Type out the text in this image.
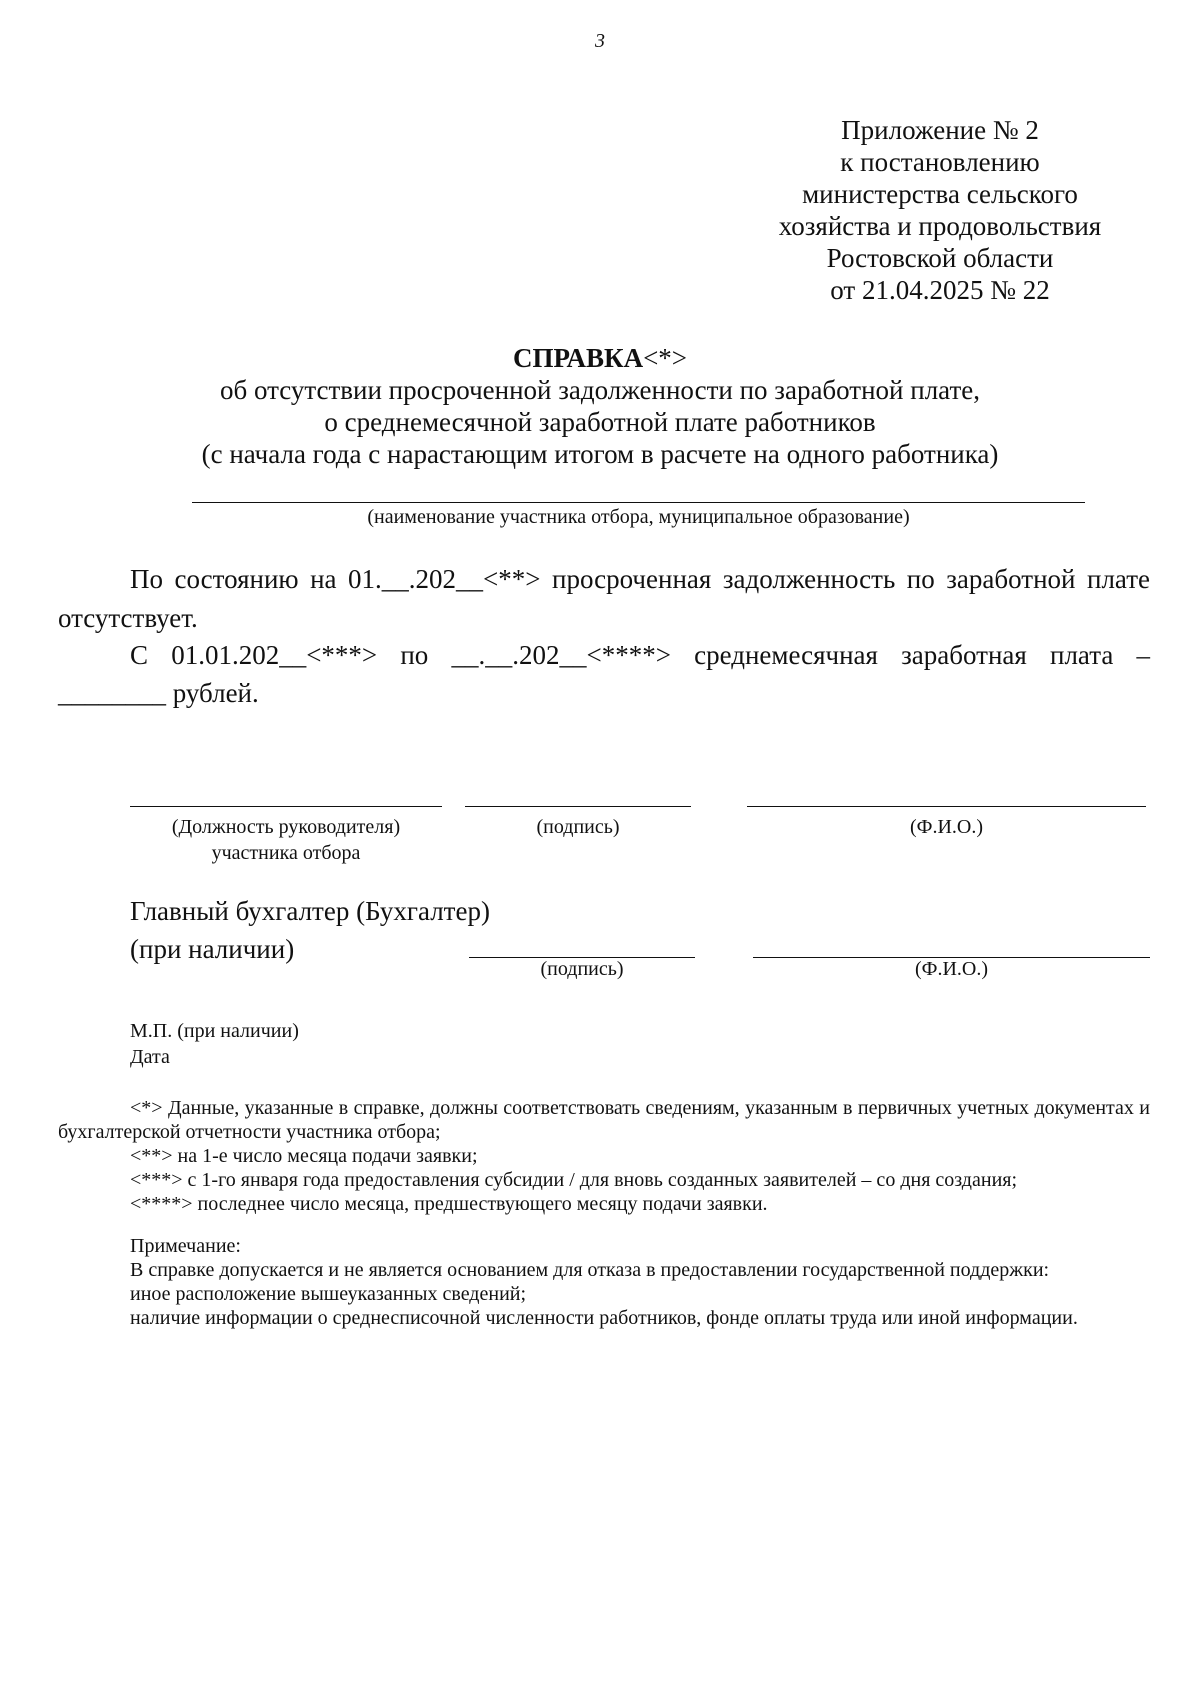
3
Приложение № 2
к постановлению
министерства сельского
хозяйства и продовольствия
Ростовской области
от 21.04.2025 № 22
СПРАВКА<*>
об отсутствии просроченной задолженности по заработной плате,
о среднемесячной заработной плате работников
(с начала года с нарастающим итогом в расчете на одного работника)
(наименование участника отбора, муниципальное образование)
По состоянию на 01.__.202__<**> просроченная задолженность по заработной плате
отсутствует.
С 01.01.202__<***> по __.__.202__<****> среднемесячная заработная плата –
________ рублей.
(Должность руководителя)
участника отбора
(подпись)	(Ф.И.О.)
Главный бухгалтер (Бухгалтер)
(при наличии)
(подпись)	(Ф.И.О.)
М.П. (при наличии)
Дата
<*> Данные, указанные в справке, должны соответствовать сведениям, указанным в первичных учетных документах и бухгалтерской отчетности участника отбора;
<**> на 1-е число месяца подачи заявки;
<***> с 1-го января года предоставления субсидии / для вновь созданных заявителей – со дня создания;
<****> последнее число месяца, предшествующего месяцу подачи заявки.
Примечание:
В справке допускается и не является основанием для отказа в предоставлении государственной поддержки:
иное расположение вышеуказанных сведений;
наличие информации о среднесписочной численности работников, фонде оплаты труда или иной информации.
